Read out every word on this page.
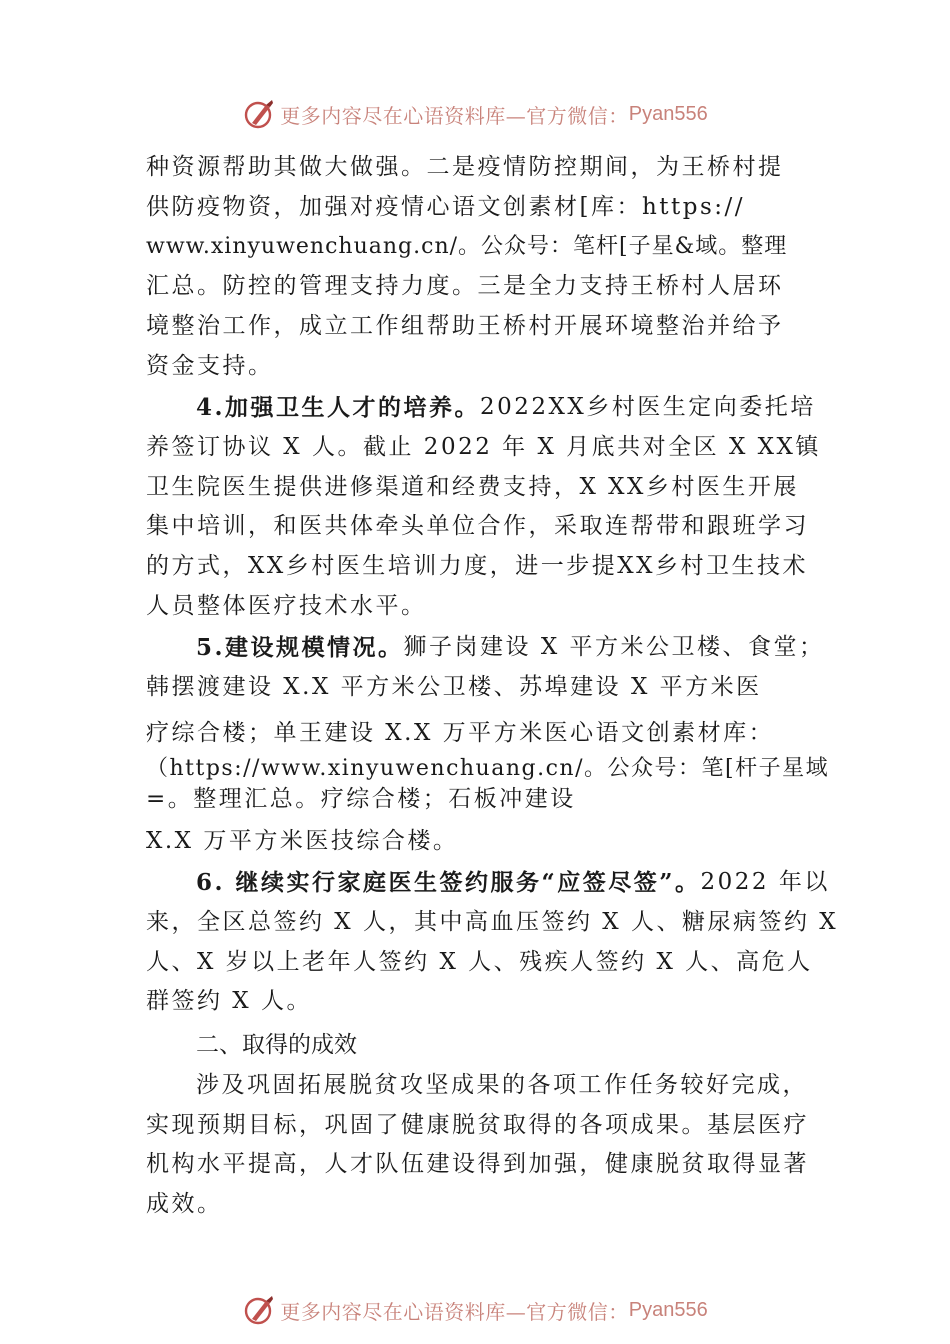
更多内容尽在心语资料库—官方微信： Pyan556
种资源帮助其做大做强。二是疫情防控期间，为王桥村提
供防疫物资，加强对疫情心语文创素材[库：https://
www.xinyuwenchuang.cn/。公众号：笔杆[子星&域。整理
汇总。防控的管理支持力度。三是全力支持王桥村人居环
境整治工作，成立工作组帮助王桥村开展环境整治并给予
资金支持。
4.加强卫生人才的培养。 2022XX乡村医生定向委托培
养签订协议 X 人。截止 2022 年 X 月底共对全区 X XX镇
卫生院医生提供进修渠道和经费支持，X XX乡村医生开展
集中培训，和医共体牵头单位合作，采取连帮带和跟班学习
的方式，XX乡村医生培训力度，进一步提XX乡村卫生技术
人员整体医疗技术水平。
5.建设规模情况。 狮子岗建设 X 平方米公卫楼、食堂；
韩摆渡建设 X.X 平方米公卫楼、苏埠建设 X 平方米医
疗综合楼；单王建设 X.X 万平方米医心语文创素材库：
（https://www.xinyuwenchuang.cn/。公众号：笔[杆子星域
=。整理汇总。疗综合楼；石板冲建设
X.X 万平方米医技综合楼。
6. 继续实行家庭医生签约服务“应签尽签”。 2022 年以
来，全区总签约 X 人，其中高血压签约 X 人、糖尿病签约 X
人、X 岁以上老年人签约 X 人、残疾人签约 X 人、高危人
群签约 X 人。
二、取得的成效
涉及巩固拓展脱贫攻坚成果的各项工作任务较好完成，
实现预期目标，巩固了健康脱贫取得的各项成果。基层医疗
机构水平提高，人才队伍建设得到加强，健康脱贫取得显著
成效。
更多内容尽在心语资料库—官方微信： Pyan556
